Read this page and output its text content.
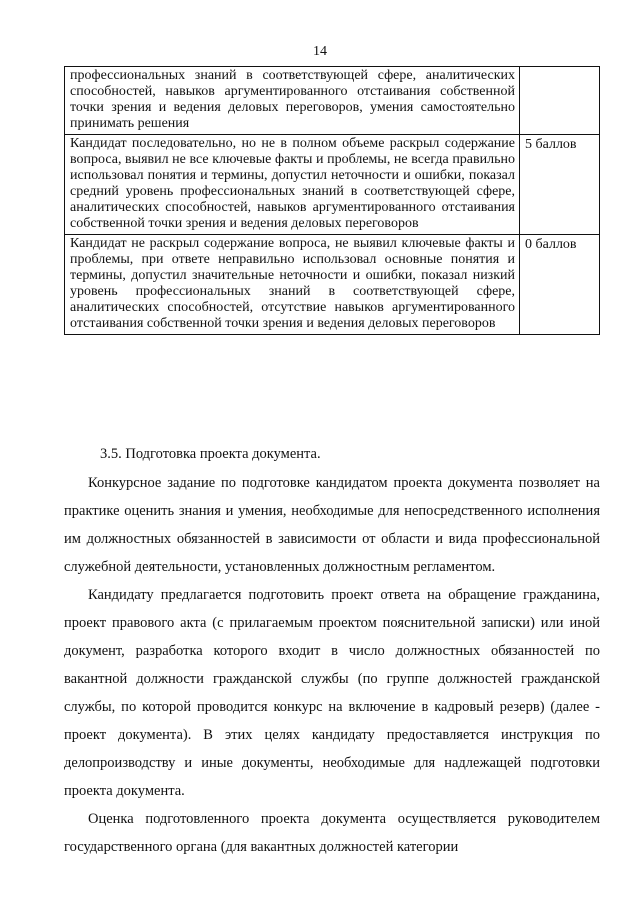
14
профессиональных знаний в соответствующей сфере, аналитических способностей, навыков аргументированного отстаивания собственной точки зрения и ведения деловых переговоров, умения самостоятельно принимать решения	
Кандидат последовательно, но не в полном объеме раскрыл содержание вопроса, выявил не все ключевые факты и проблемы, не всегда правильно использовал понятия и термины, допустил неточности и ошибки, показал средний уровень профессиональных знаний в соответствующей сфере, аналитических способностей, навыков аргументированного отстаивания собственной точки зрения и ведения деловых переговоров	5 баллов
Кандидат не раскрыл содержание вопроса, не выявил ключевые факты и проблемы, при ответе неправильно использовал основные понятия и термины, допустил значительные неточности и ошибки, показал низкий уровень профессиональных знаний в соответствующей сфере, аналитических способностей, отсутствие навыков аргументированного отстаивания собственной точки зрения и ведения деловых переговоров	0 баллов

3.5. Подготовка проекта документа.

Конкурсное задание по подготовке кандидатом проекта документа позволяет на практике оценить знания и умения, необходимые для непосредственного исполнения им должностных обязанностей в зависимости от области и вида профессиональной служебной деятельности, установленных должностным регламентом.

Кандидату предлагается подготовить проект ответа на обращение гражданина, проект правового акта (с прилагаемым проектом пояснительной записки) или иной документ, разработка которого входит в число должностных обязанностей по вакантной должности гражданской службы (по группе должностей гражданской службы, по которой проводится конкурс на включение в кадровый резерв) (далее - проект документа). В этих целях кандидату предоставляется инструкция по делопроизводству и иные документы, необходимые для надлежащей подготовки проекта документа.

Оценка подготовленного проекта документа осуществляется руководителем государственного органа (для вакантных должностей категории
